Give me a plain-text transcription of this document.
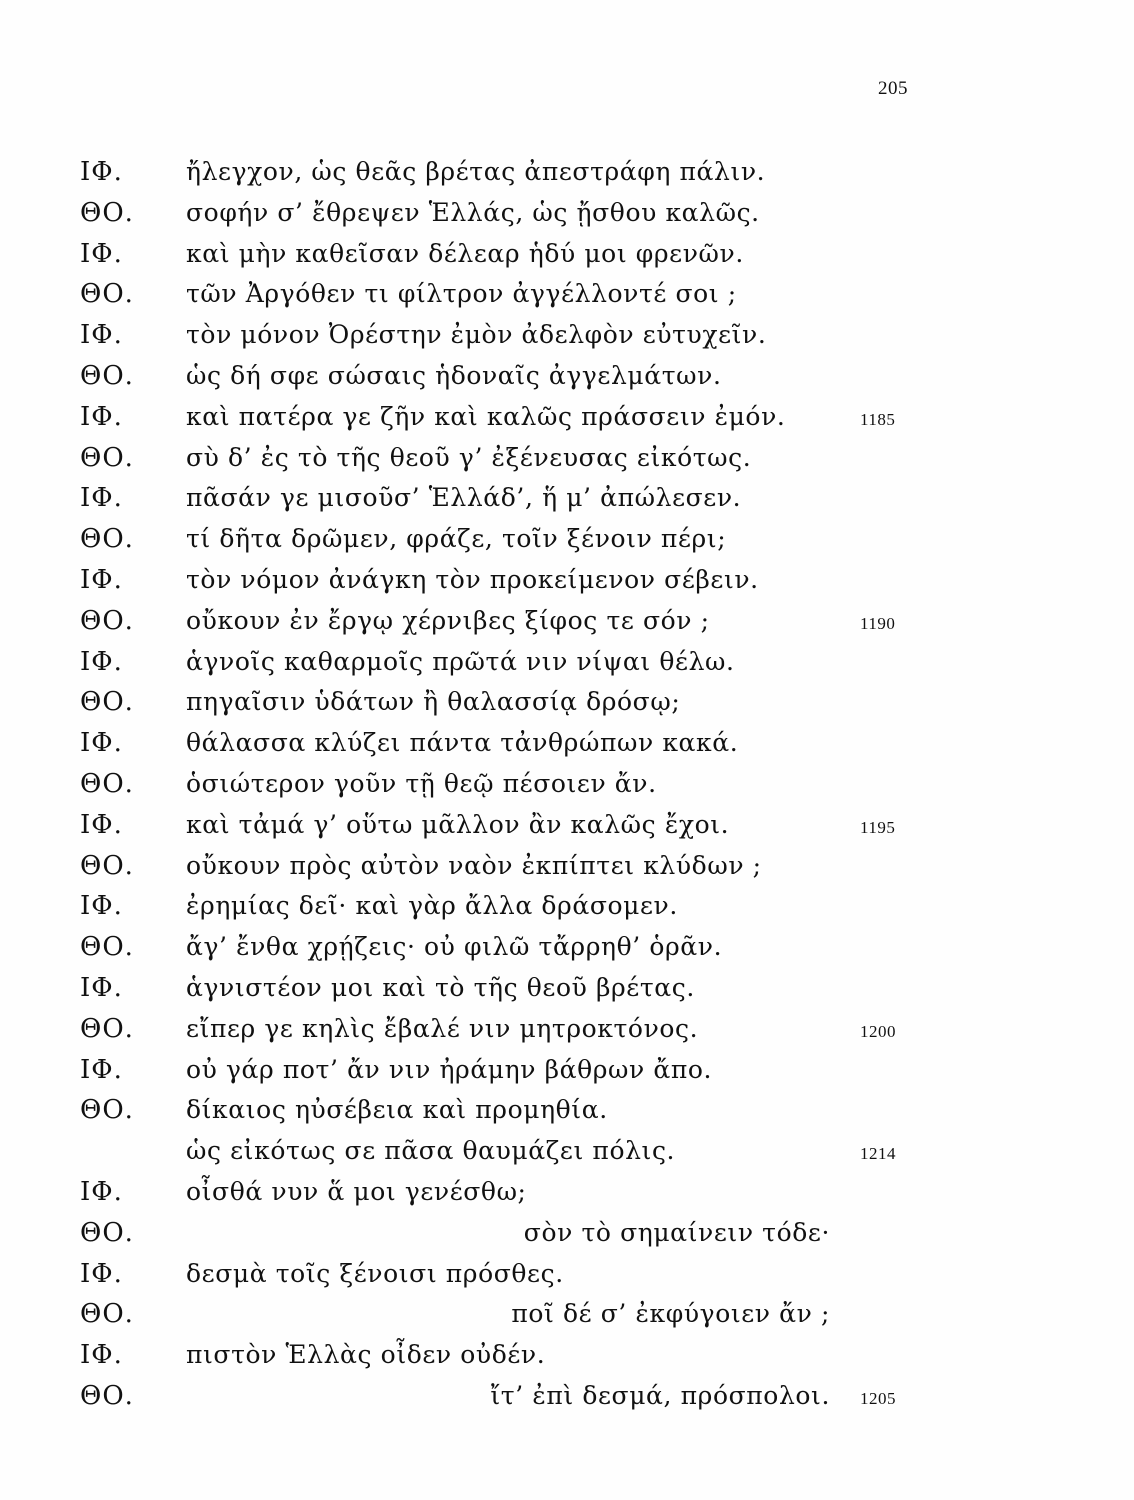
205
ΙΦ.	ἤλεγχον, ὡς θεᾶς βρέτας ἀπεστράφη πάλιν.
ΘΟ. σοφήν σ’ ἔθρεψεν Ἑλλάς, ὡς ᾔσθου καλῶς.
ΙΦ.	καὶ μὴν καθεῖσαν δέλεαρ ἡδύ μοι φρενῶν.
ΘΟ. τῶν Ἀργόθεν τι φίλτρον ἀγγέλλοντέ σοι ;
ΙΦ.	τὸν μόνον Ὀρέστην ἐμὸν ἀδελφὸν εὐτυχεῖν.
ΘΟ. ὡς δή σφε σώσαις ἡδοναῖς ἀγγελμάτων.
ΙΦ.	καὶ πατέρα γε ζῆν καὶ καλῶς πράσσειν ἐμόν.	1185
ΘΟ. σὺ δ’ ἐς τὸ τῆς θεοῦ γ’ ἐξένευσας εἰκότως.
ΙΦ.	πᾶσάν γε μισοῦσ’ Ἑλλάδ’, ἥ μ’ ἀπώλεσεν.
ΘΟ. τί δῆτα δρῶμεν, φράζε, τοῖν ξένοιν πέρι;
ΙΦ.	τὸν νόμον ἀνάγκη τὸν προκείμενον σέβειν.
ΘΟ. οὔκουν ἐν ἔργῳ χέρνιβες ξίφος τε σόν ;	1190
ΙΦ.	ἁγνοῖς καθαρμοῖς πρῶτά νιν νίψαι θέλω.
ΘΟ. πηγαῖσιν ὑδάτων ἢ θαλασσίᾳ δρόσῳ;
ΙΦ.	θάλασσα κλύζει πάντα τἀνθρώπων κακά.
ΘΟ. ὁσιώτερον γοῦν τῇ θεῷ πέσοιεν ἄν.
ΙΦ.	καὶ τἀμά γ’ οὕτω μᾶλλον ἂν καλῶς ἔχοι.	1195
ΘΟ. οὔκουν πρὸς αὐτὸν ναὸν ἐκπίπτει κλύδων ;
ΙΦ.	ἐρημίας δεῖ· καὶ γὰρ ἄλλα δράσομεν.
ΘΟ. ἄγ’ ἔνθα χρῄζεις· οὐ φιλῶ τἄρρηθ’ ὁρᾶν.
ΙΦ.	ἁγνιστέον μοι καὶ τὸ τῆς θεοῦ βρέτας.
ΘΟ. εἴπερ γε κηλὶς ἔβαλέ νιν μητροκτόνος.	1200
ΙΦ.	οὐ γάρ ποτ’ ἄν νιν ἠράμην βάθρων ἄπο.
ΘΟ. δίκαιος ηὐσέβεια καὶ προμηθία.
ὡς εἰκότως σε πᾶσα θαυμάζει πόλις.	1214
ΙΦ.	οἶσθά νυν ἅ μοι γενέσθω;
ΘΟ.	σὸν τὸ σημαίνειν τόδε·
ΙΦ.	δεσμὰ τοῖς ξένοισι πρόσθες.
ΘΟ.	ποῖ δέ σ’ ἐκφύγοιεν ἄν ;
ΙΦ.	πιστὸν Ἑλλὰς οἶδεν οὐδέν.
ΘΟ.	ἴτ’ ἐπὶ δεσμά, πρόσπολοι. 1205
